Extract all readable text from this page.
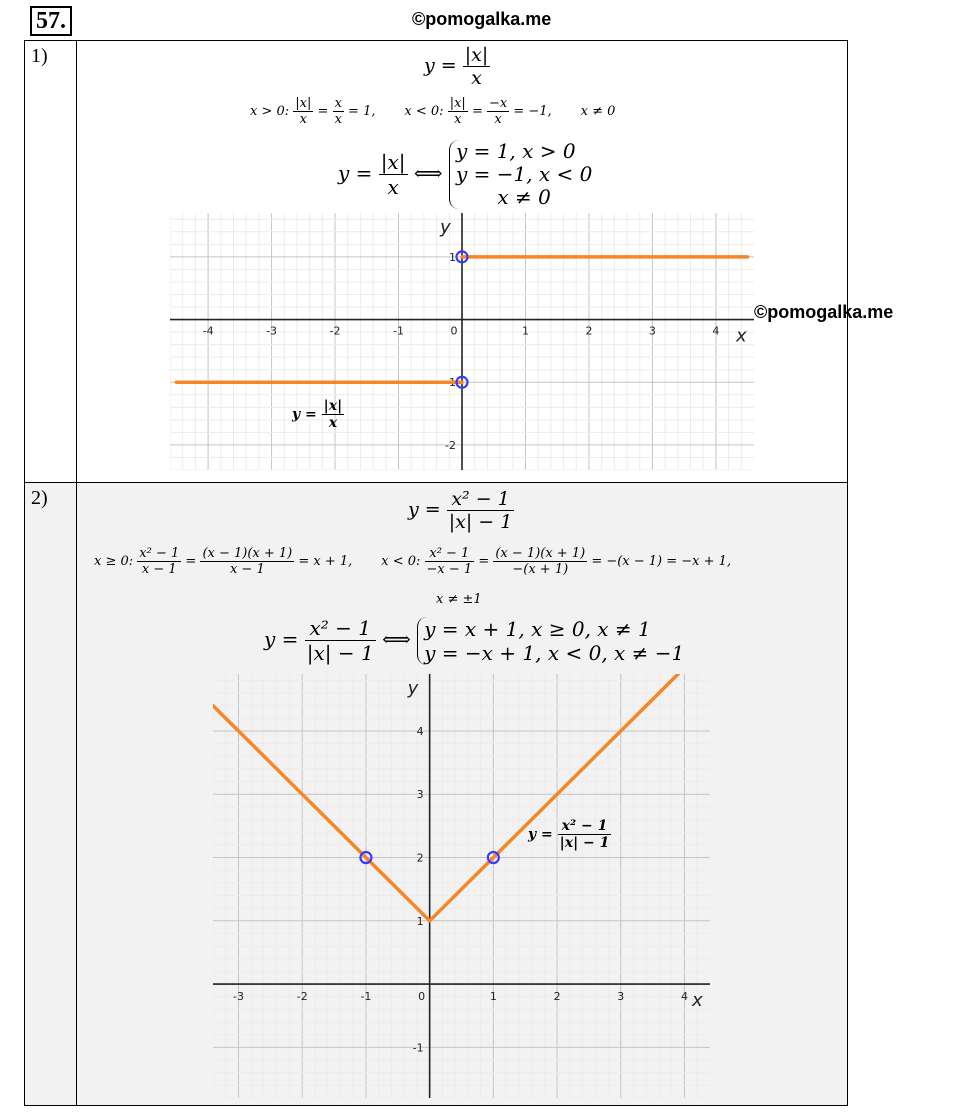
57.	©pomogalka.me
1)	
2)	
$y = \frac{|x|}{x}$
x > 0: $\frac{|x|}{x} = \frac{x}{x} = 1$, x < 0: $\frac{|x|}{x} = \frac{-x}{x} = -1$, x ≠ 0
$y = \frac{|x|}{x}$ ⟺
y = 1, x > 0
y = −1, x < 0
x ≠ 0
-4	-3	-2	-1	0	1	2	3	4
1
-1
-2
x
y
$y = \frac{|x|}{x}$
©pomogalka.me
$y = \frac{\text{x² − 1}}{|x| - 1}$
x ≥ 0: $\frac{\text{x² − 1}}{x - 1} = \frac{(x - 1)(x + 1)}{x - 1} = x + 1$, x < 0: $\frac{\text{x² − 1}}{-x - 1} = \frac{(x - 1)(x + 1)}{-(x + 1)} = -(x - 1) = -x + 1$,
x ≠ ±1
$y = \frac{\text{x² − 1}}{|x| - 1}$ ⟺ y = x + 1, x ≥ 0, x ≠ 1
y = −x + 1, x < 0, x ≠ −1
-3	-2	-1	0	1	2	3	4
4
3
2
1
-1
x
y
$y = \frac{\text{x² − 1}}{|x| - 1}$
